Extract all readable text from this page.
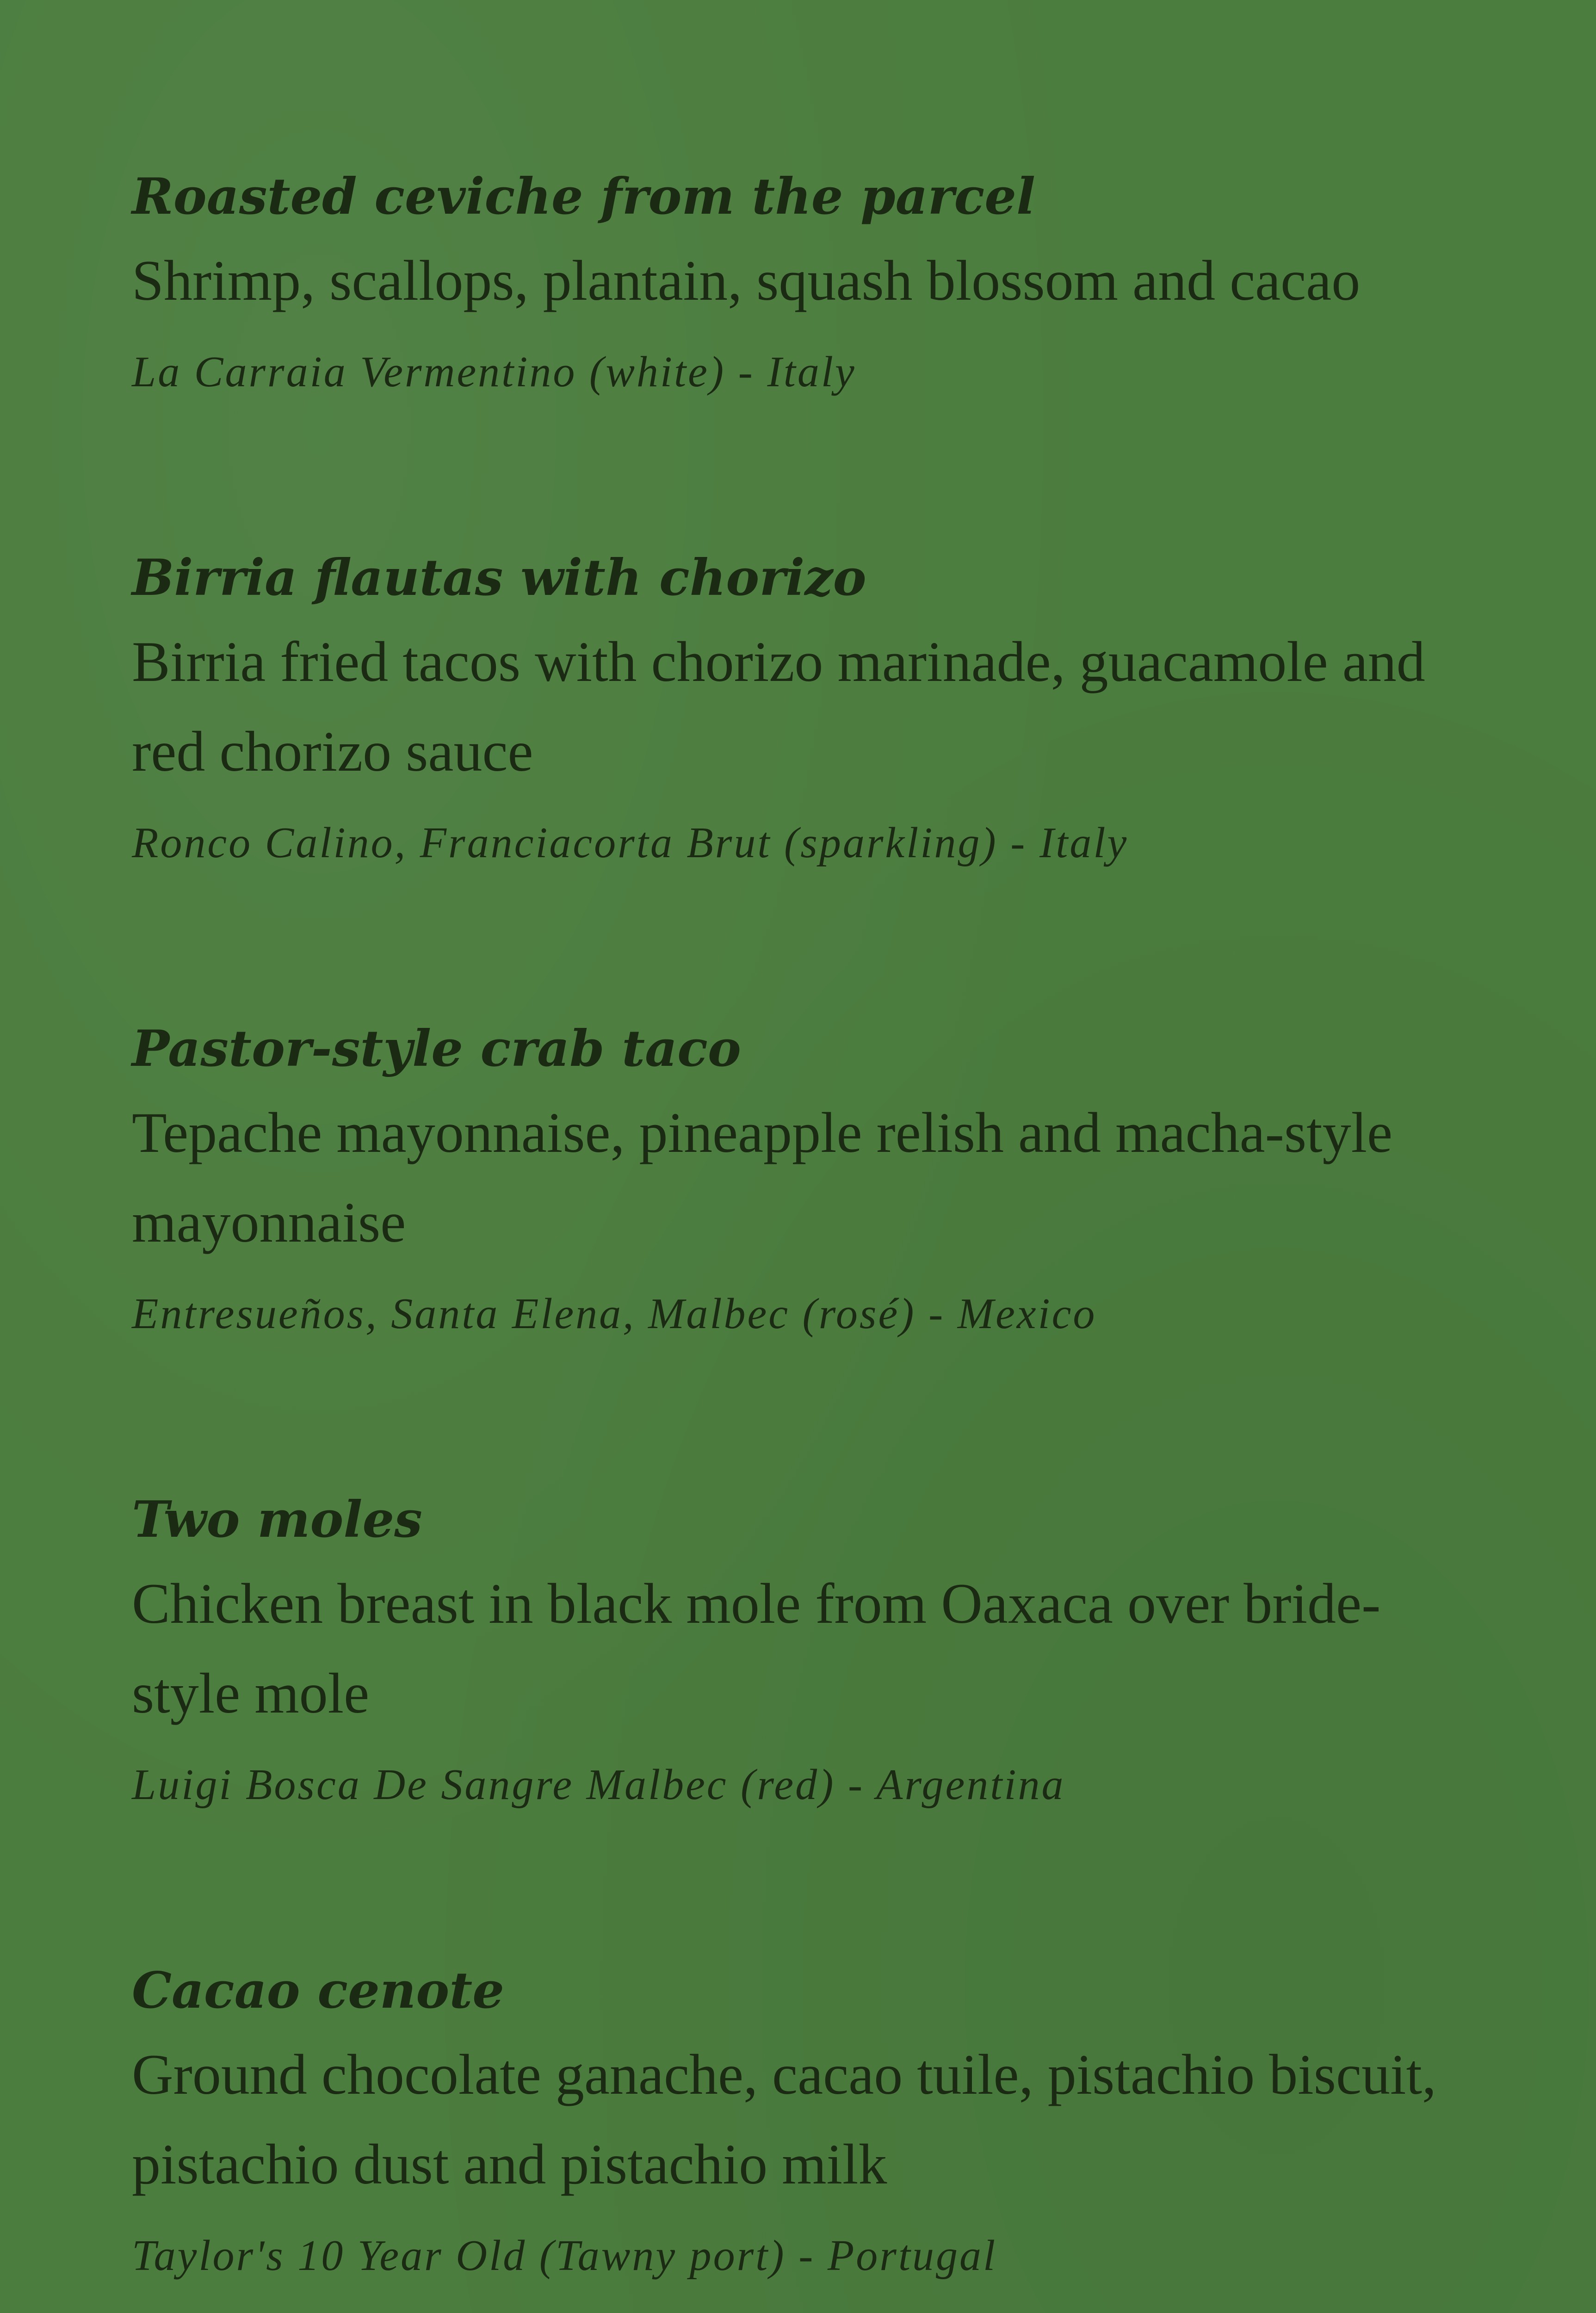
Roasted ceviche from the parcel

Shrimp, scallops, plantain, squash blossom and cacao

La Carraia Vermentino (white) - Italy

Birria flautas with chorizo

Birria fried tacos with chorizo marinade, guacamole and red chorizo sauce

Ronco Calino, Franciacorta Brut (sparkling) - Italy

Pastor-style crab taco

Tepache mayonnaise, pineapple relish and macha-style mayonnaise

Entresueños, Santa Elena, Malbec (rosé) - Mexico

Two moles

Chicken breast in black mole from Oaxaca over bride-style mole

Luigi Bosca De Sangre Malbec (red) - Argentina

Cacao cenote

Ground chocolate ganache, cacao tuile, pistachio biscuit, pistachio dust and pistachio milk

Taylor's 10 Year Old (Tawny port) - Portugal
